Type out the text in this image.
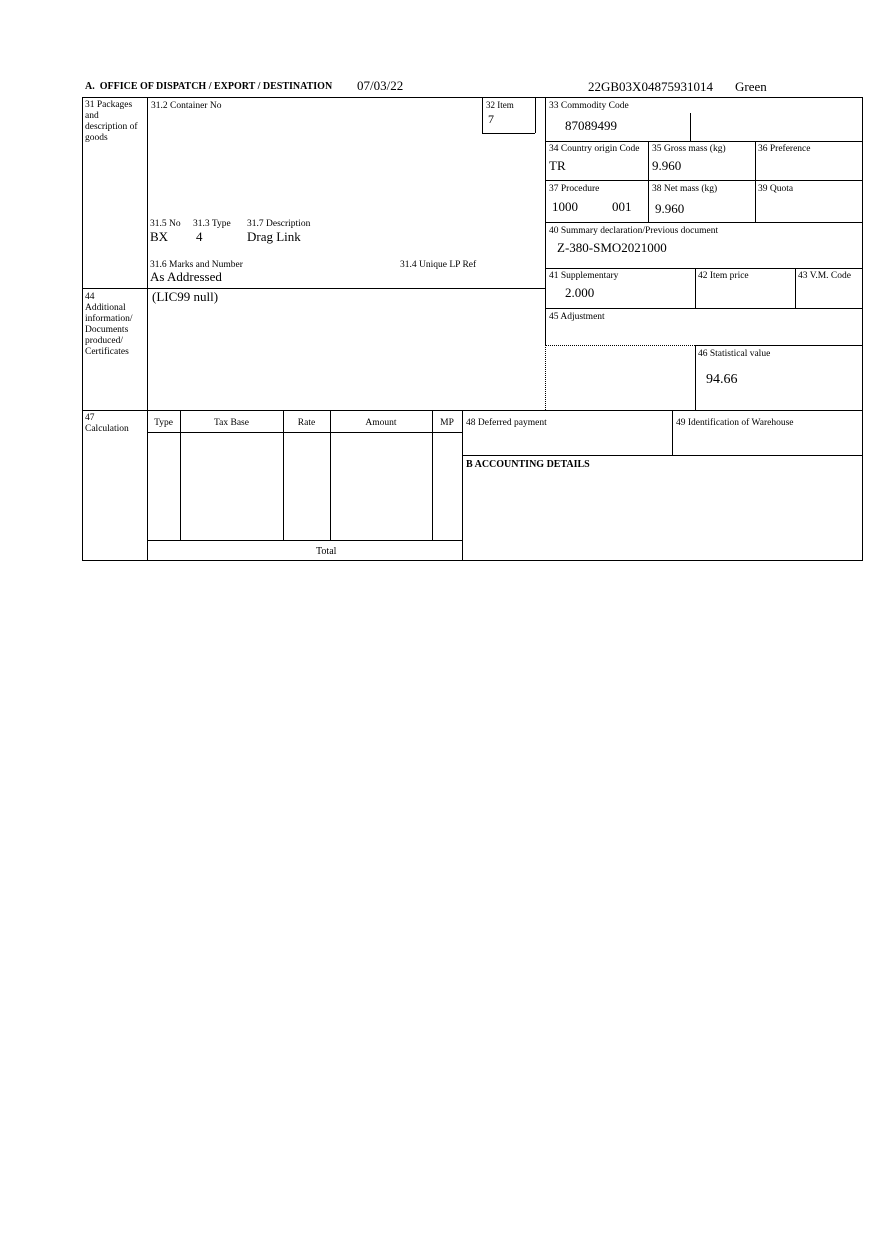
A.  OFFICE OF DISPATCH / EXPORT / DESTINATION 07/03/22	22GB03X04875931014 Green
31 Packages and description of goods
44
Additional information/ Documents produced/ Certificates
47
Calculation
31.2 Container No	32 Item
7
31.5 No 31.3 Type 31.7 Description
BX 4	Drag Link
31.6 Marks and Number	31.4 Unique LP Ref
As Addressed
(LIC99 null)
33 Commodity Code
87089499
34 Country origin Code
TR
35 Gross mass (kg)
9.960
36 Preference
37 Procedure
1000	001
38 Net mass (kg)
9.960
39 Quota
40 Summary declaration/Previous document
Z-380-SMO2021000
41 Supplementary
2.000
42 Item price	43 V.M. Code
45 Adjustment
46 Statistical value
94.66
Type	Tax Base	Rate	Amount	MP
Total
48 Deferred payment	49 Identification of Warehouse
B ACCOUNTING DETAILS
